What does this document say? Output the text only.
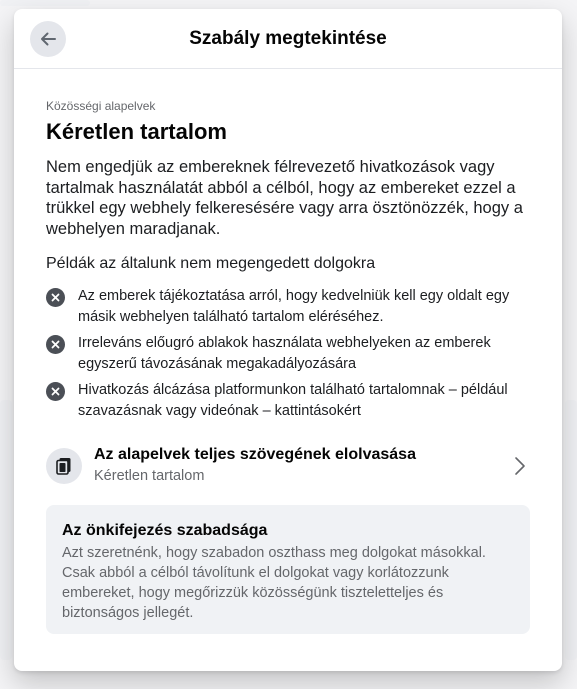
Szabály megtekintése
Közösségi alapelvek
Kéretlen tartalom

Nem engedjük az embereknek félrevezető hivatkozások vagy tartalmak használatát abból a célból, hogy az embereket ezzel a trükkel egy webhely felkeresésére vagy arra ösztönözzék, hogy a webhelyen maradjanak.

Példák az általunk nem megengedett dolgokra

Az emberek tájékoztatása arról, hogy kedvelniük kell egy oldalt egy másik webhelyen található tartalom eléréséhez.
Irreleváns előugró ablakok használata webhelyeken az emberek egyszerű távozásának megakadályozására
Hivatkozás álcázása platformunkon található tartalomnak – például szavazásnak vagy videónak – kattintásokért
Az alapelvek teljes szövegének elolvasása
Kéretlen tartalom
Az önkifejezés szabadsága

Azt szeretnénk, hogy szabadon oszthass meg dolgokat másokkal. Csak abból a célból távolítunk el dolgokat vagy korlátozzunk embereket, hogy megőrizzük közösségünk tiszteletteljes és biztonságos jellegét.
